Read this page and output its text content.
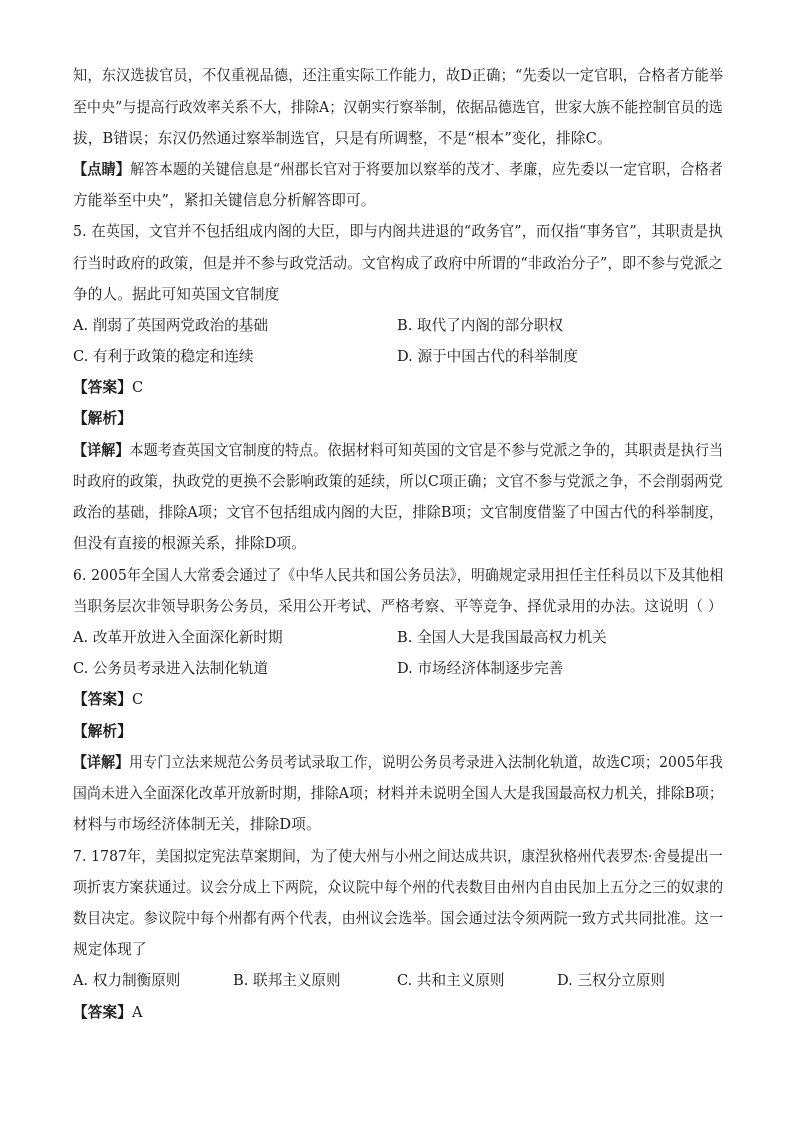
知，东汉选拔官员，不仅重视品德，还注重实际工作能力，故D正确；“先委以一定官职，合格者方能举
至中央”与提高行政效率关系不大，排除A；汉朝实行察举制，依据品德选官，世家大族不能控制官员的选
拔，B错误；东汉仍然通过察举制选官，只是有所调整，不是“根本”变化，排除C。
【点睛】解答本题的关键信息是“州郡长官对于将要加以察举的茂才、孝廉，应先委以一定官职，合格者
方能举至中央”，紧扣关键信息分析解答即可。
5. 在英国，文官并不包括组成内阁的大臣，即与内阁共进退的“政务官”，而仅指“事务官”，其职责是执
行当时政府的政策，但是并不参与政党活动。文官构成了政府中所谓的“非政治分子”，即不参与党派之
争的人。据此可知英国文官制度
A. 削弱了英国两党政治的基础	B. 取代了内阁的部分职权
C. 有利于政策的稳定和连续	D. 源于中国古代的科举制度
【答案】C
【解析】
【详解】本题考查英国文官制度的特点。依据材料可知英国的文官是不参与党派之争的，其职责是执行当
时政府的政策，执政党的更换不会影响政策的延续，所以C项正确；文官不参与党派之争，不会削弱两党
政治的基础，排除A项；文官不包括组成内阁的大臣，排除B项；文官制度借鉴了中国古代的科举制度，
但没有直接的根源关系，排除D项。
6. 2005年全国人大常委会通过了《中华人民共和国公务员法》，明确规定录用担任主任科员以下及其他相
当职务层次非领导职务公务员，采用公开考试、严格考察、平等竞争、择优录用的办法。这说明（ ）
A. 改革开放进入全面深化新时期	B. 全国人大是我国最高权力机关
C. 公务员考录进入法制化轨道	D. 市场经济体制逐步完善
【答案】C
【解析】
【详解】用专门立法来规范公务员考试录取工作，说明公务员考录进入法制化轨道，故选C项；2005年我
国尚未进入全面深化改革开放新时期，排除A项；材料并未说明全国人大是我国最高权力机关，排除B项；
材料与市场经济体制无关，排除D项。
7. 1787年，美国拟定宪法草案期间，为了使大州与小州之间达成共识，康涅狄格州代表罗杰·舍曼提出一
项折衷方案获通过。议会分成上下两院，众议院中每个州的代表数目由州内自由民加上五分之三的奴隶的
数目决定。参议院中每个州都有两个代表，由州议会选举。国会通过法令须两院一致方式共同批准。这一
规定体现了
A. 权力制衡原则	B. 联邦主义原则	C. 共和主义原则	D. 三权分立原则
【答案】A
